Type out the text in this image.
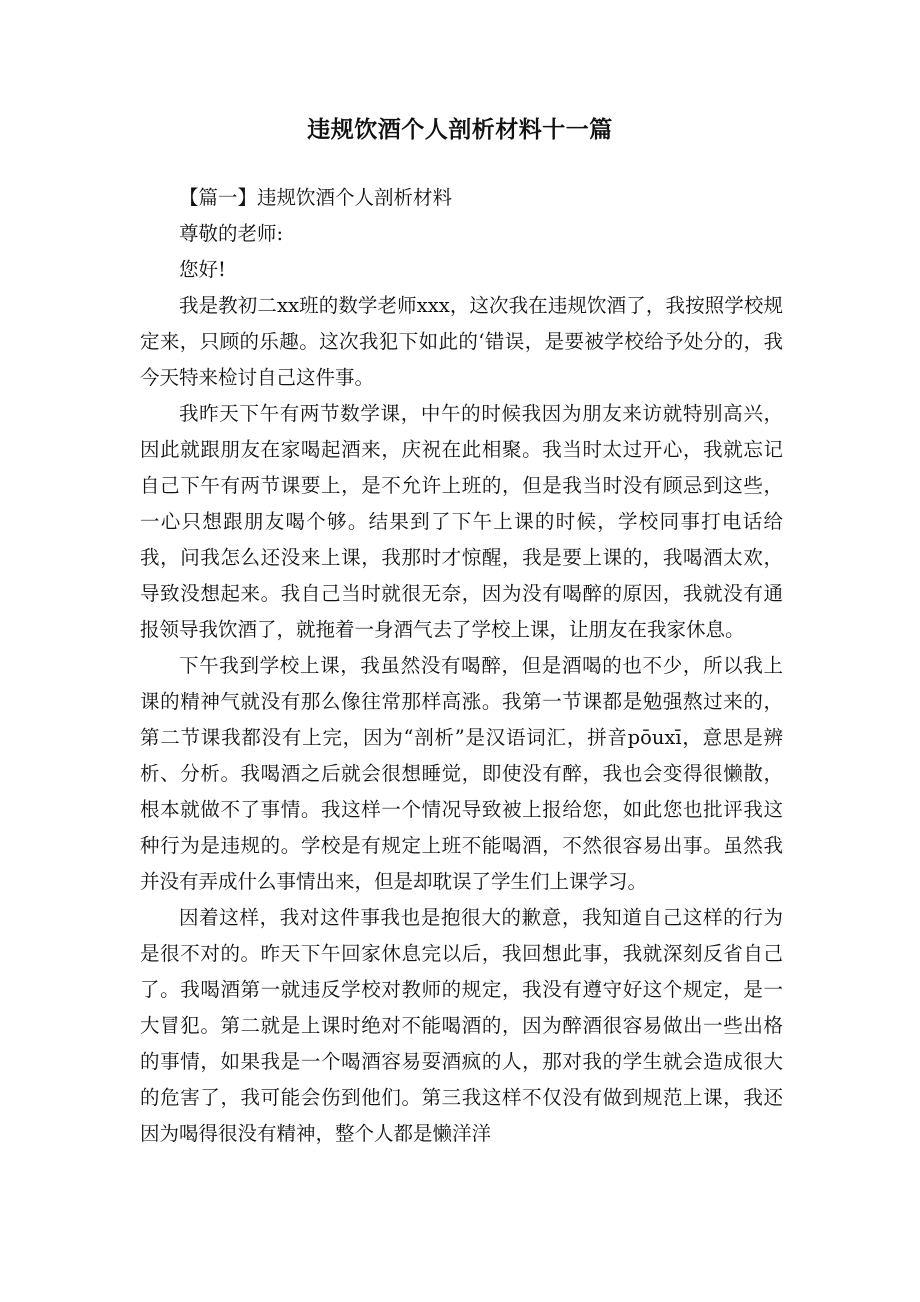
违规饮酒个人剖析材料十一篇

【篇一】违规饮酒个人剖析材料

尊敬的老师:

您好!

我是教初二xx班的数学老师xxx，这次我在违规饮酒了，我按照学校规定来，只顾的乐趣。这次我犯下如此的‘错误，是要被学校给予处分的，我今天特来检讨自己这件事。

我昨天下午有两节数学课，中午的时候我因为朋友来访就特别高兴，因此就跟朋友在家喝起酒来，庆祝在此相聚。我当时太过开心，我就忘记自己下午有两节课要上，是不允许上班的，但是我当时没有顾忌到这些，一心只想跟朋友喝个够。结果到了下午上课的时候，学校同事打电话给我，问我怎么还没来上课，我那时才惊醒，我是要上课的，我喝酒太欢，导致没想起来。我自己当时就很无奈，因为没有喝醉的原因，我就没有通报领导我饮酒了，就拖着一身酒气去了学校上课，让朋友在我家休息。

下午我到学校上课，我虽然没有喝醉，但是酒喝的也不少，所以我上课的精神气就没有那么像往常那样高涨。我第一节课都是勉强熬过来的，第二节课我都没有上完，因为“剖析”是汉语词汇，拼音pōuxī，意思是辨析、分析。我喝酒之后就会很想睡觉，即使没有醉，我也会变得很懒散，根本就做不了事情。我这样一个情况导致被上报给您，如此您也批评我这种行为是违规的。学校是有规定上班不能喝酒，不然很容易出事。虽然我并没有弄成什么事情出来，但是却耽误了学生们上课学习。

因着这样，我对这件事我也是抱很大的歉意，我知道自己这样的行为是很不对的。昨天下午回家休息完以后，我回想此事，我就深刻反省自己了。我喝酒第一就违反学校对教师的规定，我没有遵守好这个规定，是一大冒犯。第二就是上课时绝对不能喝酒的，因为醉酒很容易做出一些出格的事情，如果我是一个喝酒容易耍酒疯的人，那对我的学生就会造成很大的危害了，我可能会伤到他们。第三我这样不仅没有做到规范上课，我还因为喝得很没有精神，整个人都是懒洋洋
